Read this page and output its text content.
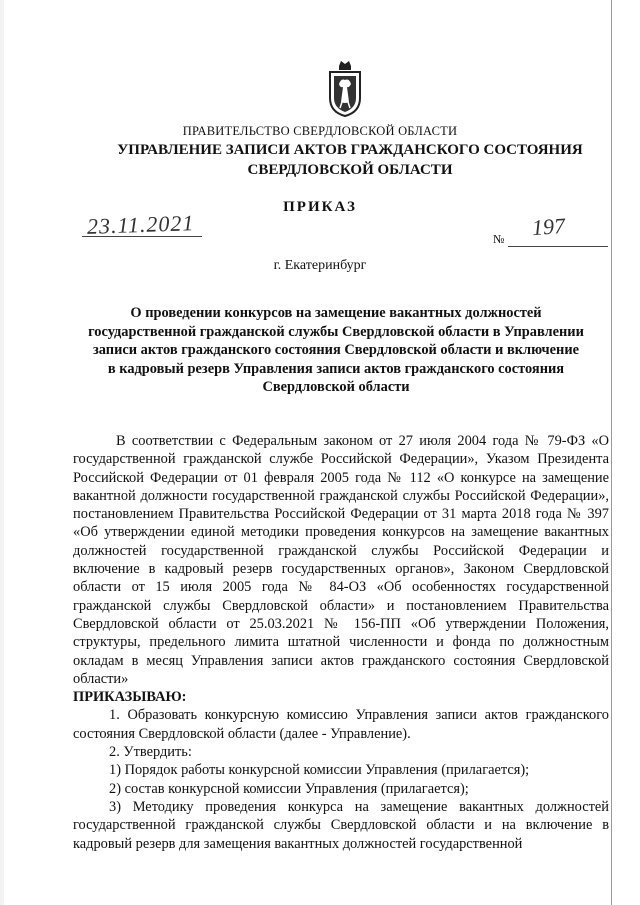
ПРАВИТЕЛЬСТВО СВЕРДЛОВСКОЙ ОБЛАСТИ
УПРАВЛЕНИЕ ЗАПИСИ АКТОВ ГРАЖДАНСКОГО СОСТОЯНИЯ
СВЕРДЛОВСКОЙ ОБЛАСТИ
ПРИКАЗ
23.11.2021
№ 197
г. Екатеринбург
О проведении конкурсов на замещение вакантных должностей
государственной гражданской службы Свердловской области в Управлении
записи актов гражданского состояния Свердловской области и включение
в кадровый резерв Управления записи актов гражданского состояния
Свердловской области

В соответствии с Федеральным законом от 27 июля 2004 года № 79-ФЗ «О государственной гражданской службе Российской Федерации», Указом Президента Российской Федерации от 01 февраля 2005 года № 112 «О конкурсе на замещение вакантной должности государственной гражданской службы Российской Федерации», постановлением Правительства Российской Федерации от 31 марта 2018 года № 397 «Об утверждении единой методики проведения конкурсов на замещение вакантных должностей государственной гражданской службы Российской Федерации и включение в кадровый резерв государственных органов», Законом Свердловской области от 15 июля 2005 года № 84-ОЗ «Об особенностях государственной гражданской службы Свердловской области» и постановлением Правительства Свердловской области от 25.03.2021 № 156-ПП «Об утверждении Положения, структуры, предельного лимита штатной численности и фонда по должностным окладам в месяц Управления записи актов гражданского состояния Свердловской области»

ПРИКАЗЫВАЮ:

1. Образовать конкурсную комиссию Управления записи актов гражданского состояния Свердловской области (далее - Управление).

2. Утвердить:

1) Порядок работы конкурсной комиссии Управления (прилагается);

2) состав конкурсной комиссии Управления (прилагается);

3) Методику проведения конкурса на замещение вакантных должностей государственной гражданской службы Свердловской области и на включение в кадровый резерв для замещения вакантных должностей государственной
